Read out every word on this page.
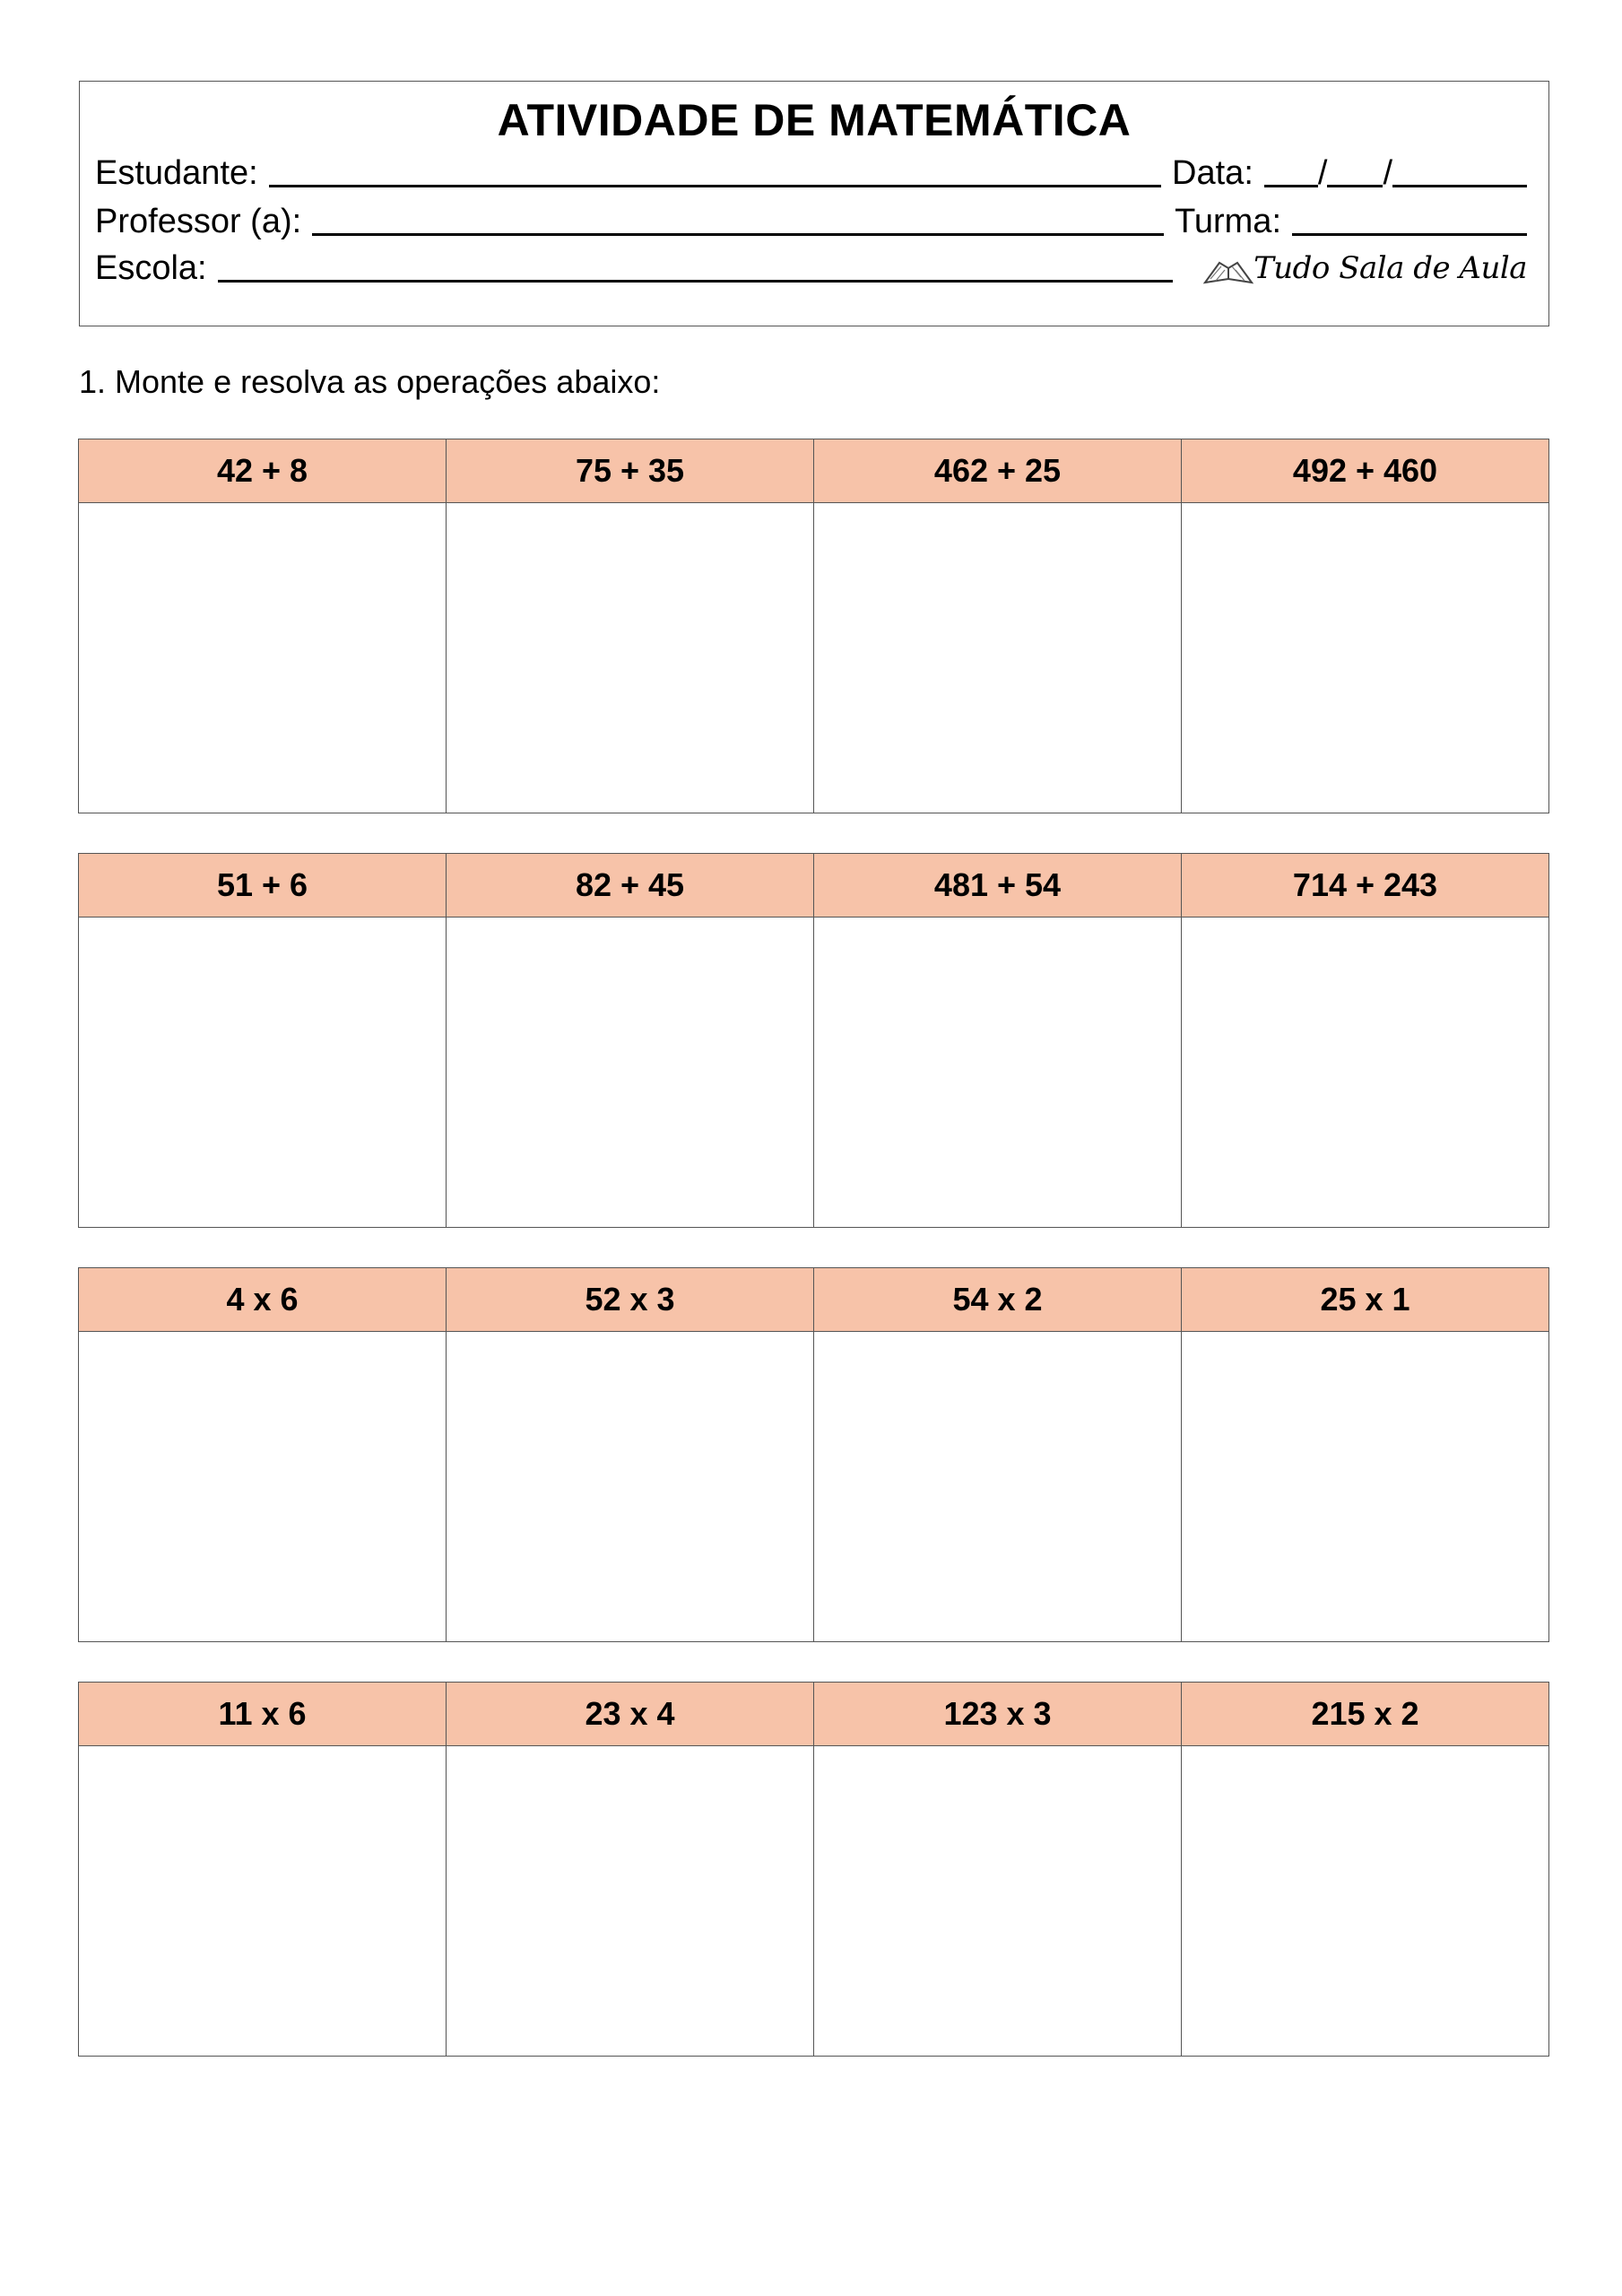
ATIVIDADE DE MATEMÁTICA
Estudante:	Data: / /
Professor (a):	Turma:
Escola:	Tudo Sala de Aula
1. Monte e resolva as operações abaixo:
42 + 8	75 + 35	462 + 25	492 + 460

51 + 6	82 + 45	481 + 54	714 + 243

4 x 6	52 x 3	54 x 2	25 x 1

11 x 6	23 x 4	123 x 3	215 x 2
